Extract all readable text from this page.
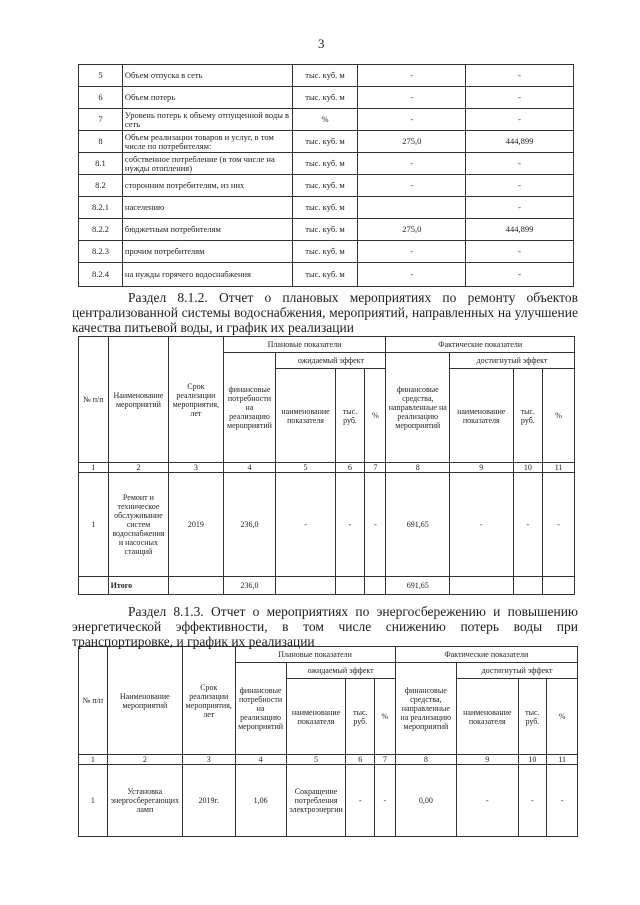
3
5	Объем отпуска в сеть	тыс. куб. м	-	-
6	Объем потерь	тыс. куб. м	-	-
7	Уровень потерь к объему отпущенной воды в сеть	%	-	-
8	Объем реализации товаров и услуг, в том числе по потребителям:	тыс. куб. м	275,0	444,899
8.1	собственное потребление (в том числе на нужды отопления)	тыс. куб. м	-	-
8.2	сторонним потребителям, из них	тыс. куб. м	-	-
8.2.1	населению	тыс. куб. м		-
8.2.2	бюджетным потребителям	тыс. куб. м	275,0	444,899
8.2.3	прочим потребителям	тыс. куб. м	-	-
8.2.4	на нужды горячего водоснабжения	тыс. куб. м	-	-
Раздел 8.1.2. Отчет о плановых мероприятиях по ремонту объектов централизованной системы водоснабжения, мероприятий, направленных на улучшение качества питьевой воды, и график их реализации
№ п/п	Наименование мероприятий	Срок реализации мероприятия, лет	Плановые показатели				Фактические показатели			
			финансовые потребности на реализацию мероприятий	ожидаемый эффект			финансовые средства, направленные на реализацию мероприятий	достигнутый эффект		
				наименование показателя	тыс. руб.	%		наименование показателя	тыс. руб.	%
1	2	3	4	5	6	7	8	9	10	11
1	Ремонт и техническое обслуживание систем водоснабжения и насосных станций	2019	236,0	-	-	-	691,65	-	-	-
	Итого		236,0				691,65			
Раздел 8.1.3. Отчет о мероприятиях по энергосбережению и повышению энергетической эффективности, в том числе снижению потерь воды при транспортировке, и график их реализации
№ п/п	Наименование мероприятий	Срок реализации мероприятия, лет	Плановые показатели				Фактические показатели			
			финансовые потребности на реализацию мероприятий	ожидаемый эффект			финансовые средства, направленные на реализацию мероприятий	достигнутый эффект		
				наименование показателя	тыс. руб.	%		наименование показателя	тыс. руб.	%
1	2	3	4	5	6	7	8	9	10	11
1	Установка энергосберегающих ламп	2019г.	1,06	Сокращение потребления электроэнергии	-	-	0,00	-	-	-
